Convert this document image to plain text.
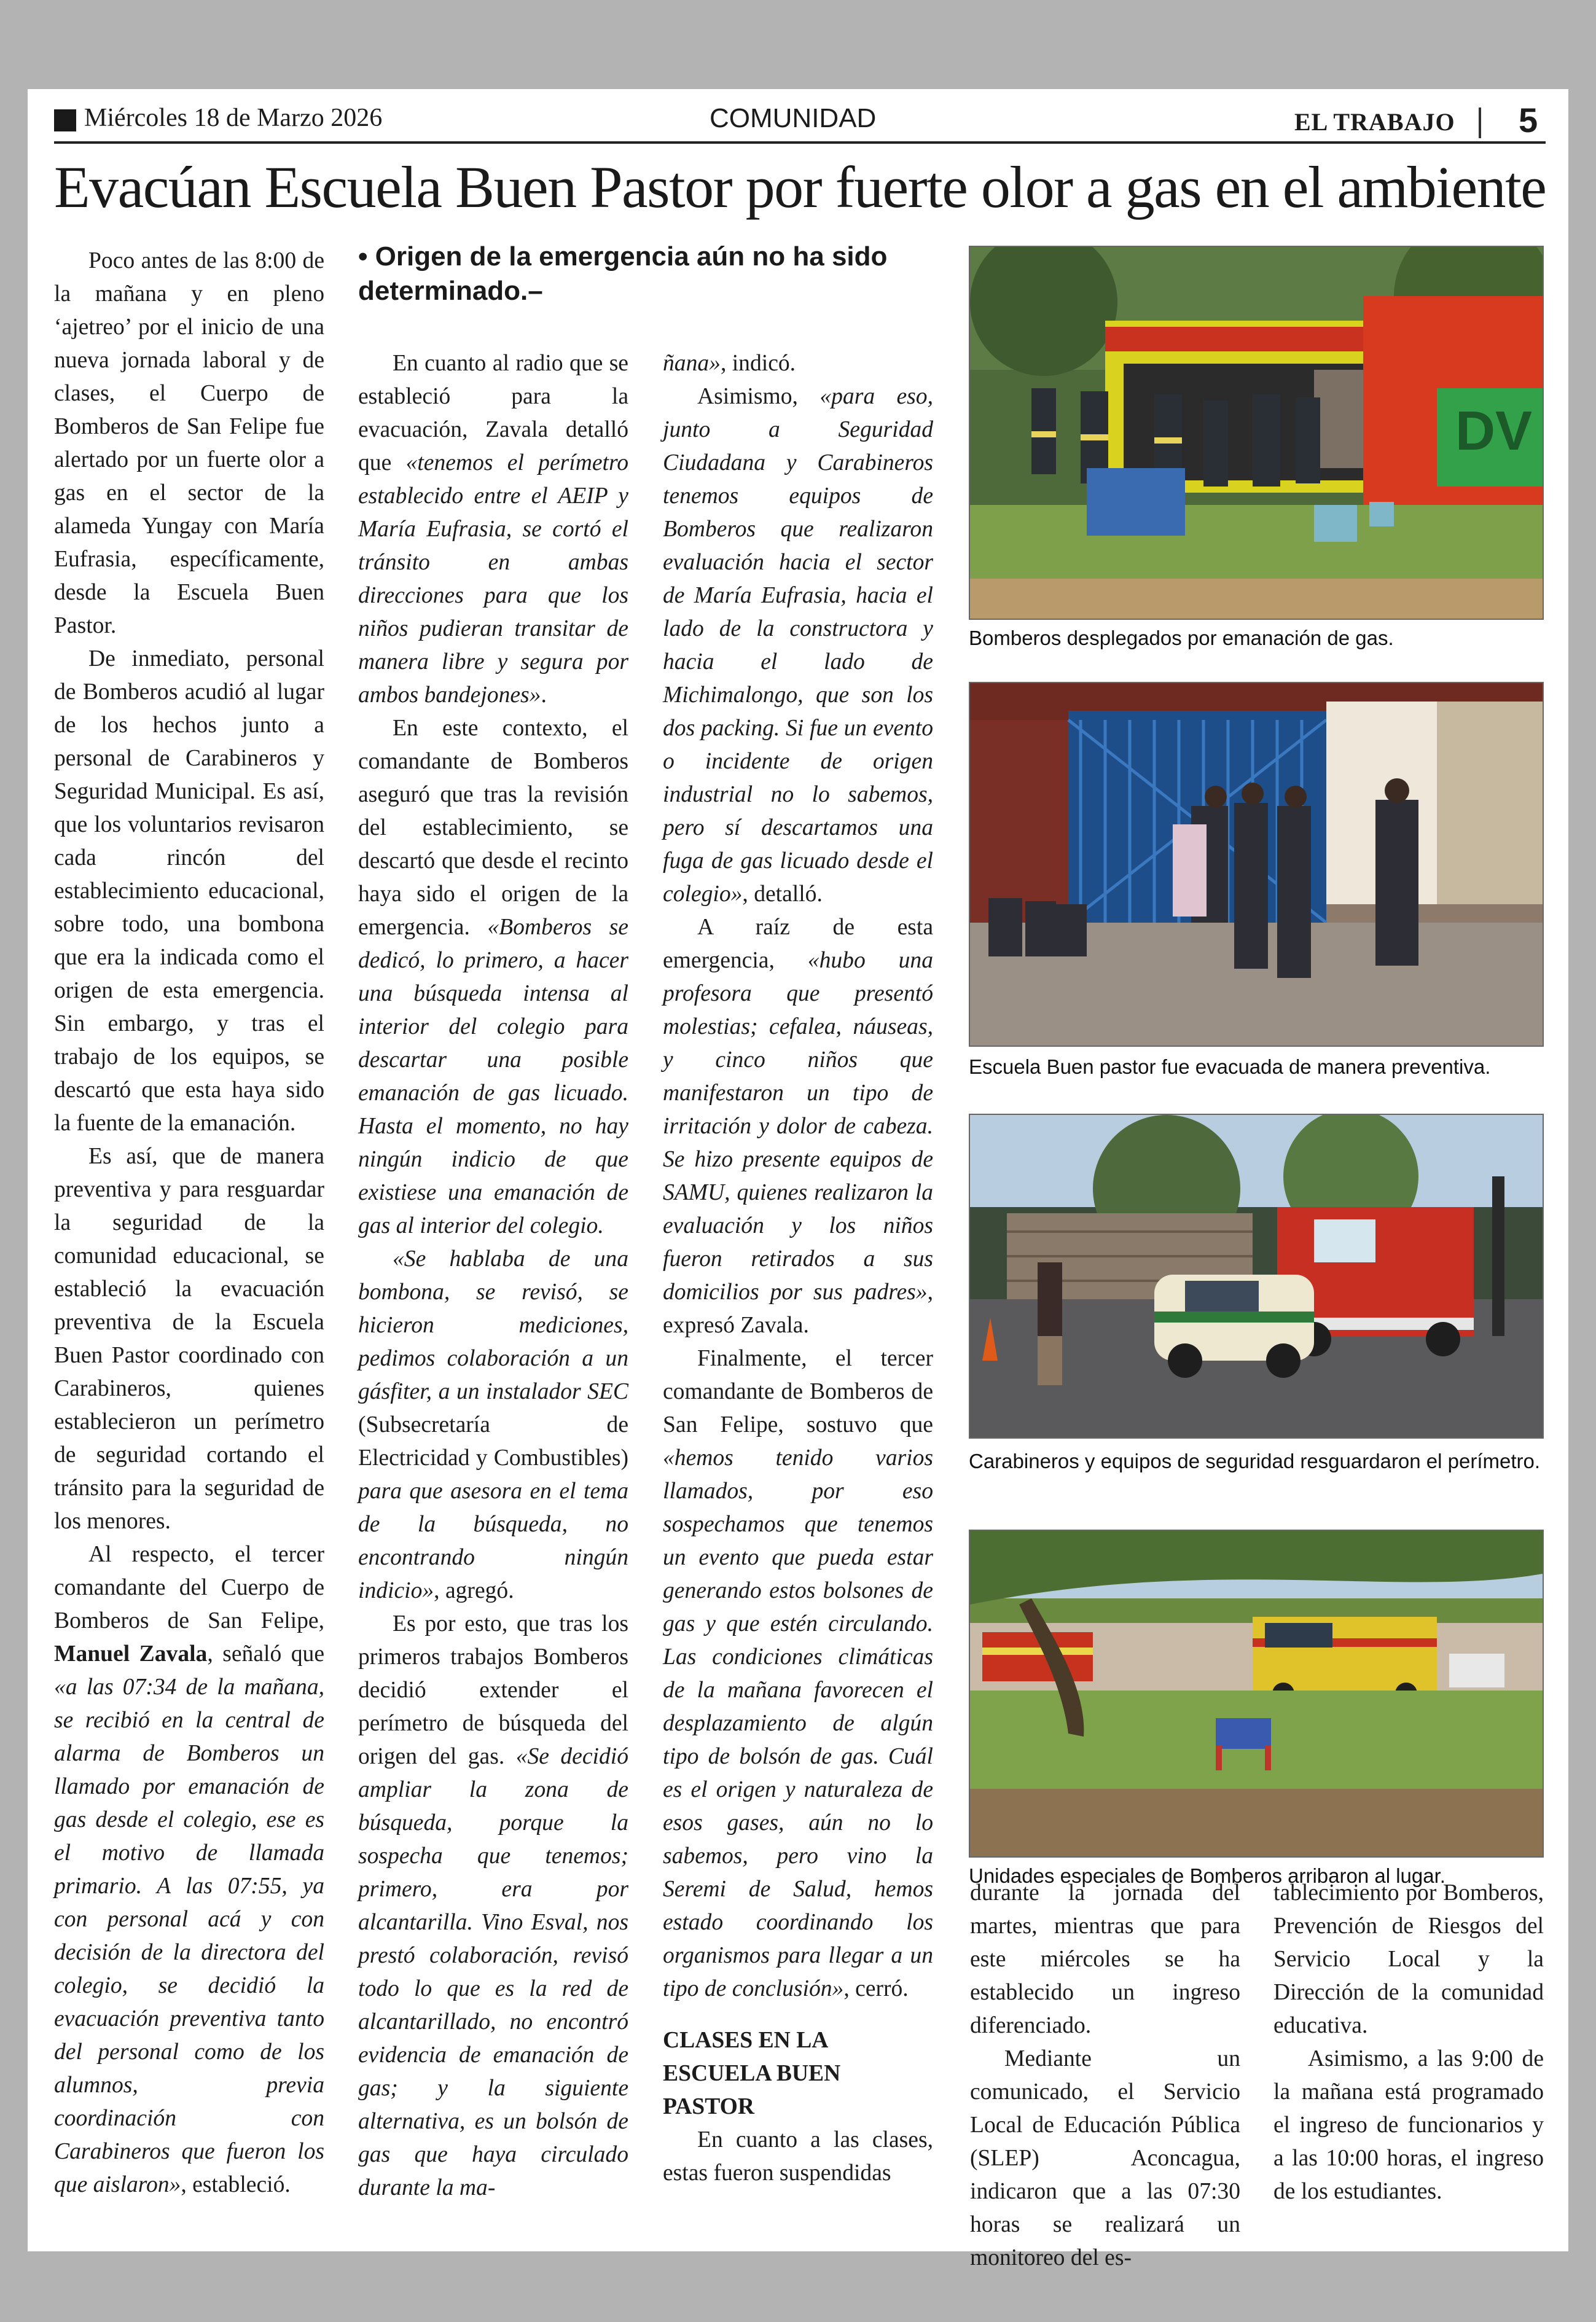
Miércoles 18 de Marzo 2026	COMUNIDAD	EL TRABAJO 5
Evacúan Escuela Buen Pastor por fuerte olor a gas en el ambiente

Poco antes de las 8:00 de la mañana y en pleno ‘ajetreo’ por el inicio de una nueva jornada laboral y de clases, el Cuerpo de Bomberos de San Felipe fue alertado por un fuerte olor a gas en el sector de la alameda Yungay con María Eufrasia, específicamente, desde la Escuela Buen Pastor.

De inmediato, personal de Bomberos acudió al lugar de los hechos junto a personal de Carabineros y Seguridad Municipal. Es así, que los voluntarios revisaron cada rincón del establecimiento educacional, sobre todo, una bombona que era la indicada como el origen de esta emergencia. Sin embargo, y tras el trabajo de los equipos, se descartó que esta haya sido la fuente de la emanación.

Es así, que de manera preventiva y para resguardar la seguridad de la comunidad educacional, se estableció la evacuación preventiva de la Escuela Buen Pastor coordinado con Carabineros, quienes establecieron un perímetro de seguridad cortando el tránsito para la seguridad de los menores.

Al respecto, el tercer comandante del Cuerpo de Bomberos de San Felipe, Manuel Zavala, señaló que «a las 07:34 de la mañana, se recibió en la central de alarma de Bomberos un llamado por emanación de gas desde el colegio, ese es el motivo de llamada primario. A las 07:55, ya con personal acá y con decisión de la directora del colegio, se decidió la evacuación preventiva tanto del personal como de los alumnos, previa coordinación con Carabineros que fueron los que aislaron», estableció.

• Origen de la emergencia aún no ha sido determinado.–

En cuanto al radio que se estableció para la evacuación, Zavala detalló que «tenemos el perímetro establecido entre el AEIP y María Eufrasia, se cortó el tránsito en ambas direcciones para que los niños pudieran transitar de manera libre y segura por ambos bandejones».

En este contexto, el comandante de Bomberos aseguró que tras la revisión del establecimiento, se descartó que desde el recinto haya sido el origen de la emergencia. «Bomberos se dedicó, lo primero, a hacer una búsqueda intensa al interior del colegio para descartar una posible emanación de gas licuado. Hasta el momento, no hay ningún indicio de que existiese una emanación de gas al interior del colegio.

«Se hablaba de una bombona, se revisó, se hicieron mediciones, pedimos colaboración a un gásfiter, a un instalador SEC (Subsecretaría de Electricidad y Combustibles) para que asesora en el tema de la búsqueda, no encontrando ningún indicio», agregó.

Es por esto, que tras los primeros trabajos Bomberos decidió extender el perímetro de búsqueda del origen del gas. «Se decidió ampliar la zona de búsqueda, porque la sospecha que tenemos; primero, era por alcantarilla. Vino Esval, nos prestó colaboración, revisó todo lo que es la red de alcantarillado, no encontró evidencia de emanación de gas; y la siguiente alternativa, es un bolsón de gas que haya circulado durante la ma-

ñana», indicó.

Asimismo, «para eso, junto a Seguridad Ciudadana y Carabineros tenemos equipos de Bomberos que realizaron evaluación hacia el sector de María Eufrasia, hacia el lado de la constructora y hacia el lado de Michimalongo, que son los dos packing. Si fue un evento o incidente de origen industrial no lo sabemos, pero sí descartamos una fuga de gas licuado desde el colegio», detalló.

A raíz de esta emergencia, «hubo una profesora que presentó molestias; cefalea, náuseas, y cinco niños que manifestaron un tipo de irritación y dolor de cabeza. Se hizo presente equipos de SAMU, quienes realizaron la evaluación y los niños fueron retirados a sus domicilios por sus padres», expresó Zavala.

Finalmente, el tercer comandante de Bomberos de San Felipe, sostuvo que «hemos tenido varios llamados, por eso sospechamos que tenemos un evento que pueda estar generando estos bolsones de gas y que estén circulando. Las condiciones climáticas de la mañana favorecen el desplazamiento de algún tipo de bolsón de gas. Cuál es el origen y naturaleza de esos gases, aún no lo sabemos, pero vino la Seremi de Salud, hemos estado coordinando los organismos para llegar a un tipo de conclusión», cerró.

CLASES EN LA ESCUELA BUEN PASTOR

En cuanto a las clases, estas fueron suspendidas

durante la jornada del martes, mientras que para este miércoles se ha establecido un ingreso diferenciado.

Mediante un comunicado, el Servicio Local de Educación Pública (SLEP) Aconcagua, indicaron que a las 07:30 horas se realizará un monitoreo del es-

tablecimiento por Bomberos, Prevención de Riesgos del Servicio Local y la Dirección de la comunidad educativa.

Asimismo, a las 9:00 de la mañana está programado el ingreso de funcionarios y a las 10:00 horas, el ingreso de los estudiantes.

DV
Bomberos desplegados por emanación de gas.
Escuela Buen pastor fue evacuada de manera preventiva.
Carabineros y equipos de seguridad resguardaron el perímetro.
Unidades especiales de Bomberos arribaron al lugar.
